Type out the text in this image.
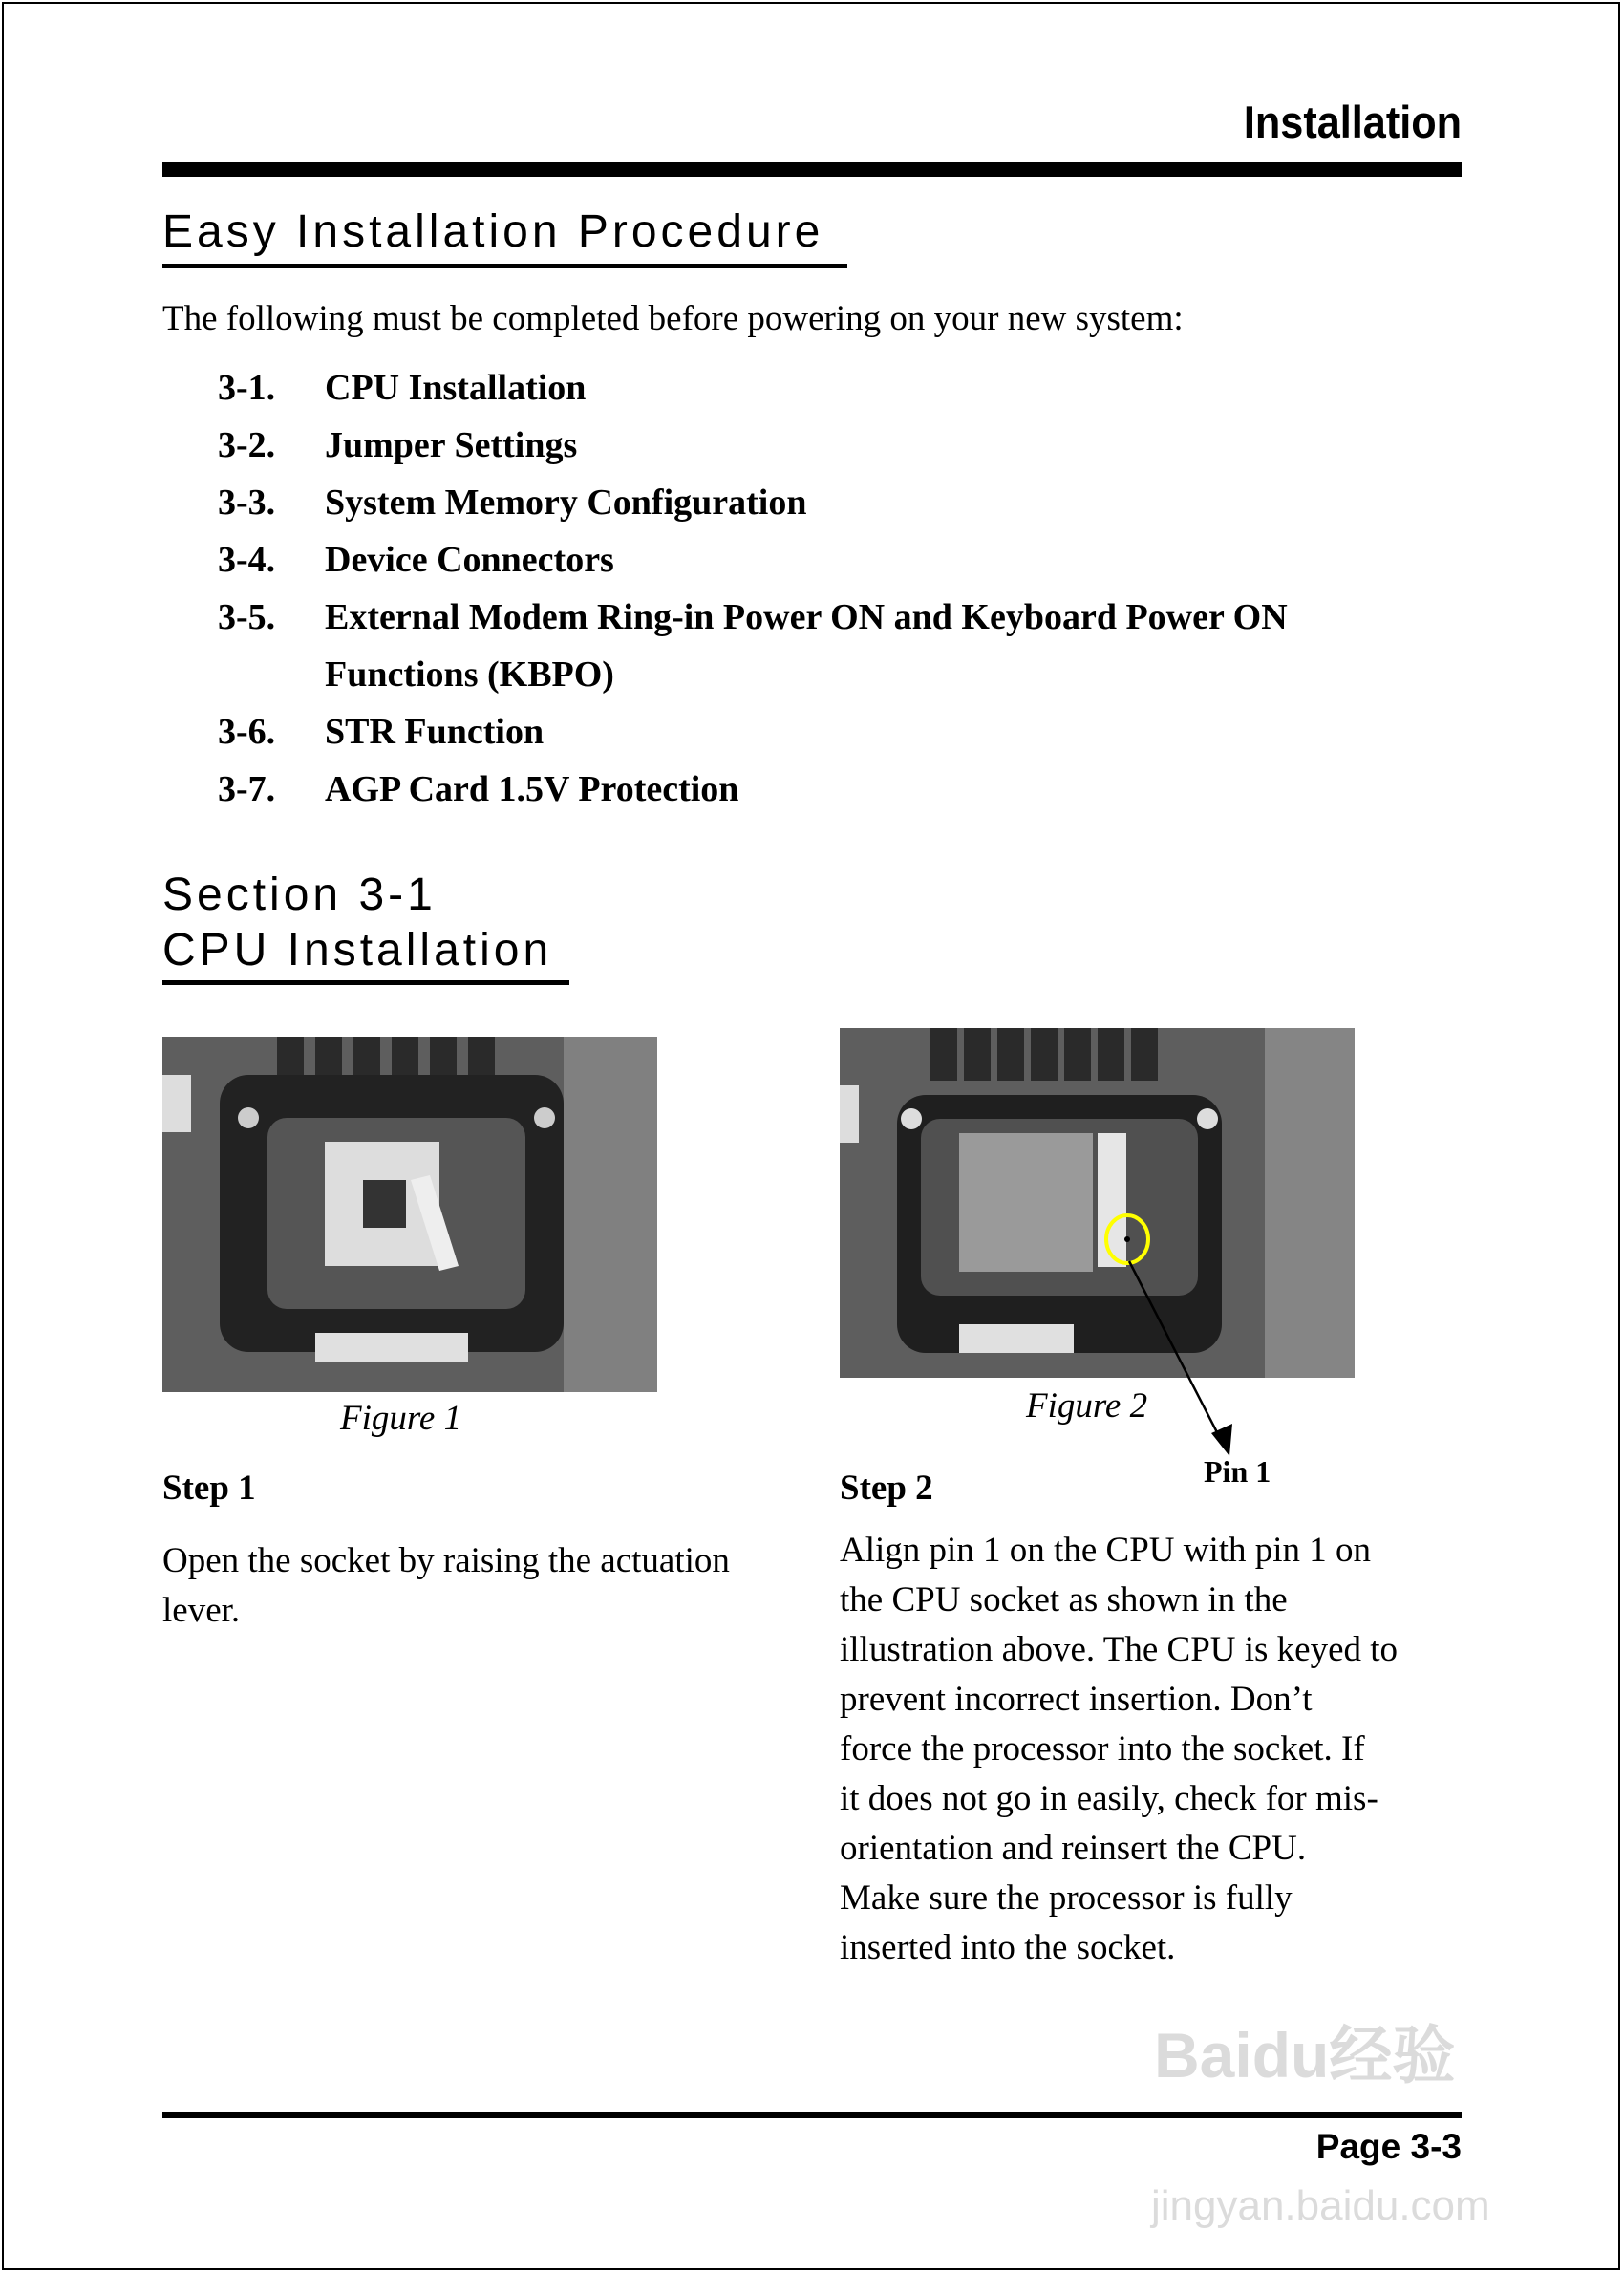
Installation
Easy Installation Procedure
The following must be completed before powering on your new system:
3-1. CPU Installation
3-2. Jumper Settings
3-3. System Memory Configuration
3-4. Device Connectors
3-5. External Modem Ring-in Power ON and Keyboard Power ON
Functions (KBPO)
3-6. STR Function
3-7. AGP Card 1.5V Protection
Section 3-1
CPU Installation
Figure 1	Figure 2
Pin 1
Step 1	Step 2
Open the socket by raising the actuation
lever.
Align pin 1 on the CPU with pin 1 on
the CPU socket as shown in the
illustration above. The CPU is keyed to
prevent incorrect insertion. Don’t
force the processor into the socket. If
it does not go in easily, check for mis-
orientation and reinsert the CPU.
Make sure the processor is fully
inserted into the socket.
Baidu经验
Page 3-3
jingyan.baidu.com
